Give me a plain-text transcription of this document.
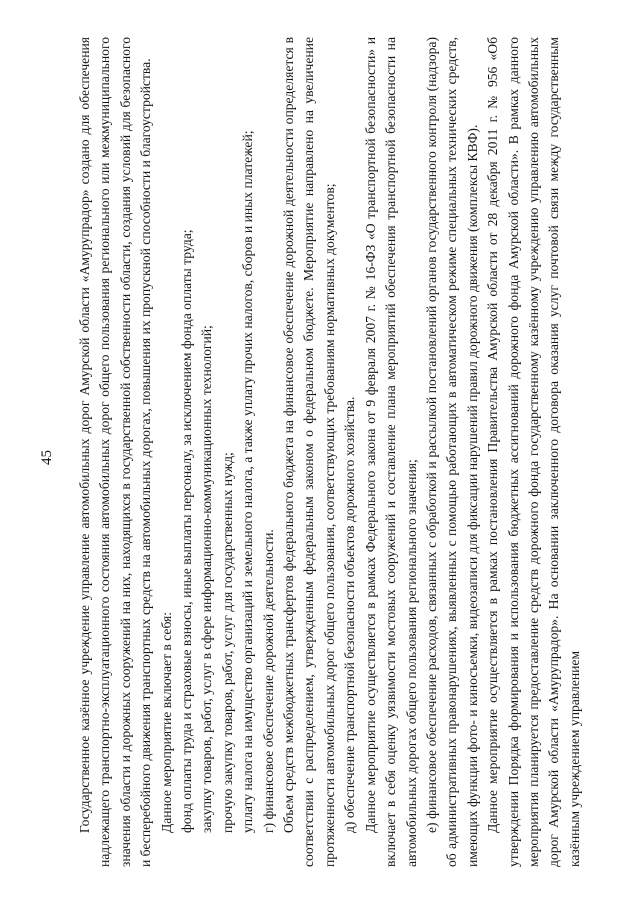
45 Государственное казённое учреждение управление автомобильных дорог Амурской области «Амурупрадор» создано для обеспечения надлежащего транспортно-эксплуатационного состояния автомобильных дорог общего пользования регионального или межмуниципального значения области и дорожных сооружений на них, находящихся в государственной собственности области, создания условий для безопасного и бесперебойного движения транспортных средств на автомобильных дорогах, повышения их пропускной способности и благоустройства. Данное мероприятие включает в себя: фонд оплаты труда и страховые взносы, иные выплаты персоналу, за исключением фонда оплаты труда; закупку товаров, работ, услуг в сфере информационно-коммуникационных технологий; прочую закупку товаров, работ, услуг для государственных нужд; уплату налога на имущество организаций и земельного налога, а также уплату прочих налогов, сборов и иных платежей; г) финансовое обеспечение дорожной деятельности. Объем средств межбюджетных трансфертов федерального бюджета на финансовое обеспечение дорожной деятельности определяется в соответствии с распределением, утвержденным федеральным законом о федеральном бюджете. Мероприятие направлено на увеличение протяженности автомобильных дорог общего пользования, соответствующих требованиям нормативных документов; д) обеспечение транспортной безопасности объектов дорожного хозяйства. Данное мероприятие осуществляется в рамках Федерального закона от 9 февраля 2007 г. № 16-ФЗ «О транспортной безопасности» и включает в себя оценку уязвимости мостовых сооружений и составление плана мероприятий обеспечения транспортной безопасности на автомобильных дорогах общего пользования регионального значения; е) финансовое обеспечение расходов, связанных с обработкой и рассылкой постановлений органов государственного контроля (надзора) об административных правонарушениях, выявленных с помощью работающих в автоматическом режиме специальных технических средств, имеющих функции фото- и киносъемки, видеозаписи для фиксации нарушений правил дорожного движения (комплексы КВФ). Данное мероприятие осуществляется в рамках постановления Правительства Амурской области от 28 декабря 2011 г. № 956 «Об утверждении Порядка формирования и использования бюджетных ассигнований дорожного фонда Амурской области». В рамках данного мероприятия планируется предоставление средств дорожного фонда государственному казённому учреждению управлению автомобильных дорог Амурской области «Амурупрадор». На основании заключенного договора оказания услуг почтовой связи между государственным казённым учреждением управлением
